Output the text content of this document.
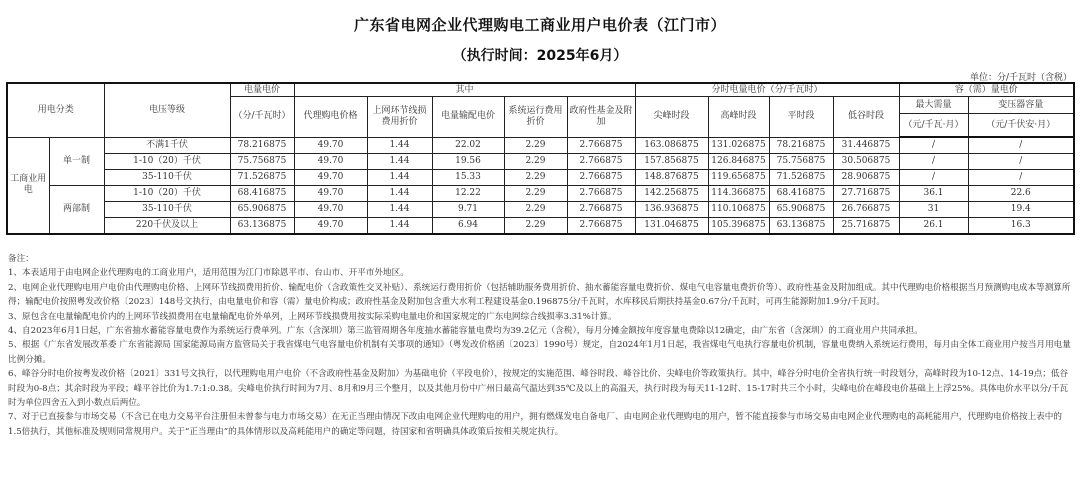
广东省电网企业代理购电工商业用户电价表（江门市）
（执行时间：2025年6月）
单位：分/千瓦时（含税）
用电分类		电压等级	电量电价	其中					分时电量电价（分/千瓦时）				容（需）量电价	
			（分/千瓦时）	代理购电价格	上网环节线损费用折价	电量输配电价	系统运行费用折价	政府性基金及附加	尖峰时段	高峰时段	平时段	低谷时段	最大需量	变压器容量
													（元/千瓦·月）	（元/千伏安·月）
工商业用电	单一制	不满1千伏	78.216875	49.70	1.44	22.02	2.29	2.766875	163.086875	131.026875	78.216875	31.446875	/	/
		1-10（20）千伏	75.756875	49.70	1.44	19.56	2.29	2.766875	157.856875	126.846875	75.756875	30.506875	/	/
		35-110千伏	71.526875	49.70	1.44	15.33	2.29	2.766875	148.876875	119.656875	71.526875	28.906875	/	/
	两部制	1-10（20）千伏	68.416875	49.70	1.44	12.22	2.29	2.766875	142.256875	114.366875	68.416875	27.716875	36.1	22.6
		35-110千伏	65.906875	49.70	1.44	9.71	2.29	2.766875	136.936875	110.106875	65.906875	26.766875	31	19.4
		220千伏及以上	63.136875	49.70	1.44	6.94	2.29	2.766875	131.046875	105.396875	63.136875	25.716875	26.1	16.3

备注：

1、本表适用于由电网企业代理购电的工商业用户，适用范围为江门市除恩平市、台山市、开平市外地区。

2、电网企业代理购电用户电价由代理购电价格、上网环节线损费用折价、输配电价（含政策性交叉补贴）、系统运行费用折价（包括辅助服务费用折价、抽水蓄能容量电费折价、煤电气电容量电费折价等）、政府性基金及附加组成。其中代理购电价格根据当月预测购电成本等测算所得；输配电价按照粤发改价格〔2023〕148号文执行，由电量电价和容（需）量电价构成；政府性基金及附加包含重大水利工程建设基金0.196875分/千瓦时，水库移民后期扶持基金0.67分/千瓦时，可再生能源附加1.9分/千瓦时。

3、原包含在电量输配电价内的上网环节线损费用在电量输配电价外单列，上网环节线损费用按实际采购电量电价和国家规定的广东电网综合线损率3.31%计算。

4、自2023年6月1日起，广东省抽水蓄能容量电费作为系统运行费单列。广东（含深圳）第三监管周期各年度抽水蓄能容量电费均为39.2亿元（含税），每月分摊金额按年度容量电费除以12确定，由广东省（含深圳）的工商业用户共同承担。

5、根据《广东省发展改革委 广东省能源局 国家能源局南方监管局关于我省煤电气电容量电价机制有关事项的通知》（粤发改价格函〔2023〕1990号）规定，自2024年1月1日起，我省煤电气电执行容量电价机制，容量电费纳入系统运行费用，每月由全体工商业用户按当月用电量比例分摊。

6、峰谷分时电价按粤发改价格〔2021〕331号文执行，以代理购电用户电价（不含政府性基金及附加）为基础电价（平段电价），按规定的实施范围、峰谷时段、峰谷比价、尖峰电价等政策执行。其中，峰谷分时电价全省执行统一时段划分，高峰时段为10-12点、14-19点；低谷时段为0-8点；其余时段为平段；峰平谷比价为1.7:1:0.38。尖峰电价执行时间为7月、8月和9月三个整月，以及其他月份中广州日最高气温达到35℃及以上的高温天，执行时段为每天11-12时、15-17时共三个小时，尖峰电价在峰段电价基础上上浮25%。具体电价水平以分/千瓦时为单位四舍五入到小数点后两位。

7、对于已直接参与市场交易（不含已在电力交易平台注册但未曾参与电力市场交易）在无正当理由情况下改由电网企业代理购电的用户，拥有燃煤发电自备电厂、由电网企业代理购电的用户，暂不能直接参与市场交易由电网企业代理购电的高耗能用户，代理购电价格按上表中的1.5倍执行，其他标准及规则同常规用户。关于“正当理由”的具体情形以及高耗能用户的确定等问题，待国家和省明确具体政策后按相关规定执行。
